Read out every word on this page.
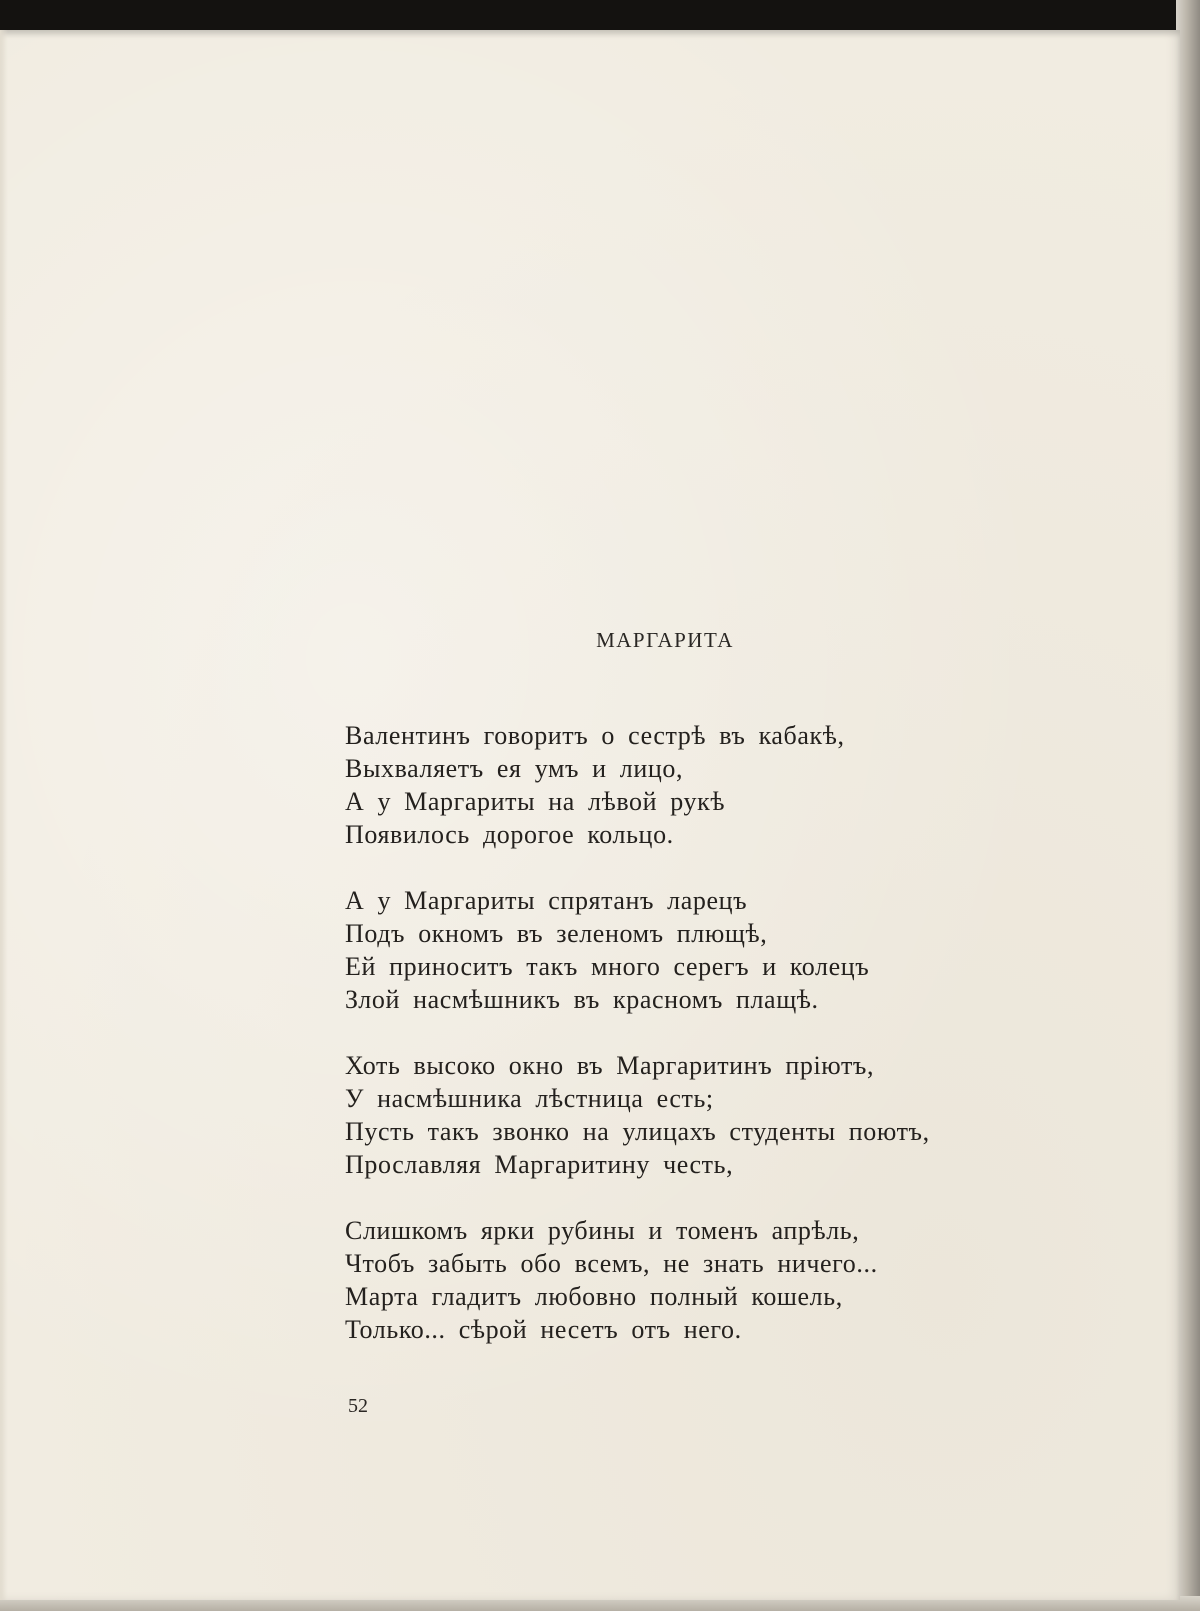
МАРГАРИТА
Валентинъ говоритъ о сестрѣ въ кабакѣ,
Выхваляетъ ея умъ и лицо,
А у Маргариты на лѣвой рукѣ
Появилось дорогое кольцо.
А у Маргариты спрятанъ ларецъ
Подъ окномъ въ зеленомъ плющѣ,
Ей приноситъ такъ много серегъ и колецъ
Злой насмѣшникъ въ красномъ плащѣ.
Хоть высоко окно въ Маргаритинъ пріютъ,
У насмѣшника лѣстница есть;
Пусть такъ звонко на улицахъ студенты поютъ,
Прославляя Маргаритину честь,
Слишкомъ ярки рубины и томенъ апрѣль,
Чтобъ забыть обо всемъ, не знать ничего...
Марта гладитъ любовно полный кошель,
Только... сѣрой несетъ отъ него.
52
